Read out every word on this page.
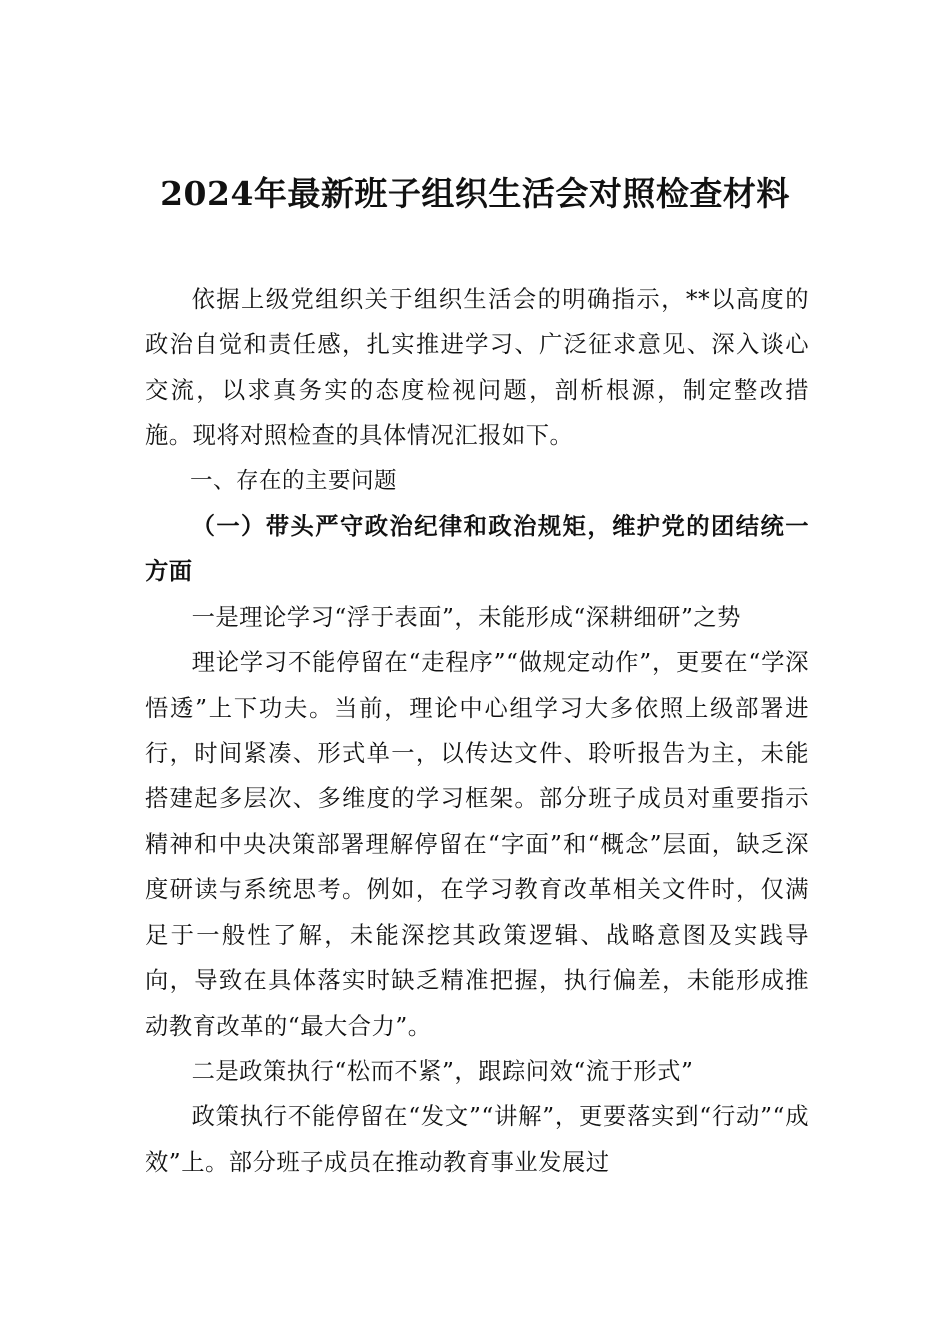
2024年最新班子组织生活会对照检查材料

依据上级党组织关于组织生活会的明确指示，**以高度的政治自觉和责任感，扎实推进学习、广泛征求意见、深入谈心交流，以求真务实的态度检视问题，剖析根源，制定整改措施。现将对照检查的具体情况汇报如下。

一、存在的主要问题

（一）带头严守政治纪律和政治规矩，维护党的团结统一方面

一是理论学习“浮于表面”，未能形成“深耕细研”之势

理论学习不能停留在“走程序”“做规定动作”，更要在“学深悟透”上下功夫。当前，理论中心组学习大多依照上级部署进行，时间紧凑、形式单一，以传达文件、聆听报告为主，未能搭建起多层次、多维度的学习框架。部分班子成员对重要指示精神和中央决策部署理解停留在“字面”和“概念”层面，缺乏深度研读与系统思考。例如，在学习教育改革相关文件时，仅满足于一般性了解，未能深挖其政策逻辑、战略意图及实践导向，导致在具体落实时缺乏精准把握，执行偏差，未能形成推动教育改革的“最大合力”。

二是政策执行“松而不紧”，跟踪问效“流于形式”

政策执行不能停留在“发文”“讲解”，更要落实到“行动”“成效”上。部分班子成员在推动教育事业发展过
